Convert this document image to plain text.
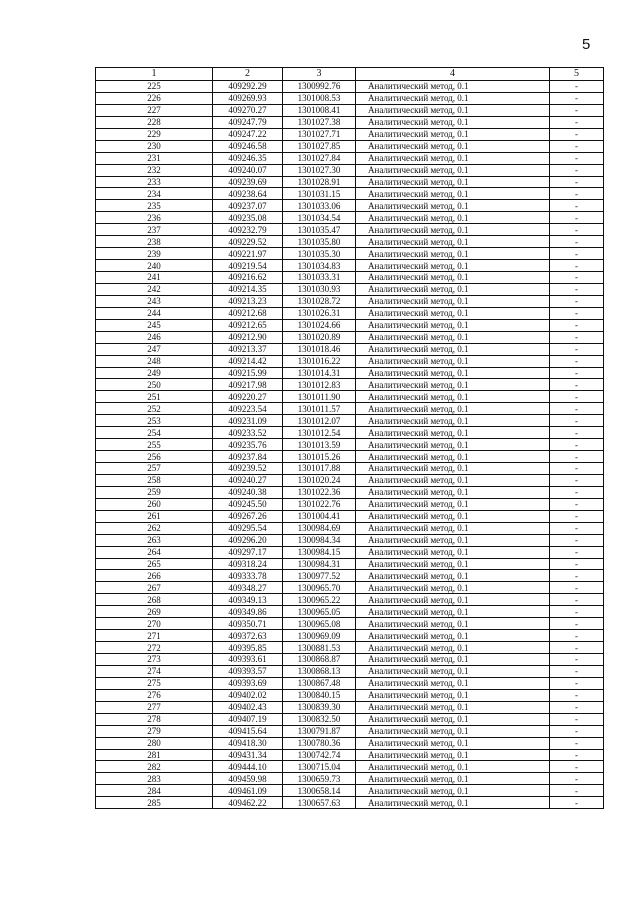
5
1	2	3	4	5
225	409292.29	1300992.76	Аналитический метод, 0.1	-
226	409269.93	1301008.53	Аналитический метод, 0.1	-
227	409270.27	1301008.41	Аналитический метод, 0.1	-
228	409247.79	1301027.38	Аналитический метод, 0.1	-
229	409247.22	1301027.71	Аналитический метод, 0.1	-
230	409246.58	1301027.85	Аналитический метод, 0.1	-
231	409246.35	1301027.84	Аналитический метод, 0.1	-
232	409240.07	1301027.30	Аналитический метод, 0.1	-
233	409239.69	1301028.91	Аналитический метод, 0.1	-
234	409238.64	1301031.15	Аналитический метод, 0.1	-
235	409237.07	1301033.06	Аналитический метод, 0.1	-
236	409235.08	1301034.54	Аналитический метод, 0.1	-
237	409232.79	1301035.47	Аналитический метод, 0.1	-
238	409229.52	1301035.80	Аналитический метод, 0.1	-
239	409221.97	1301035.30	Аналитический метод, 0.1	-
240	409219.54	1301034.83	Аналитический метод, 0.1	-
241	409216.62	1301033.31	Аналитический метод, 0.1	-
242	409214.35	1301030.93	Аналитический метод, 0.1	-
243	409213.23	1301028.72	Аналитический метод, 0.1	-
244	409212.68	1301026.31	Аналитический метод, 0.1	-
245	409212.65	1301024.66	Аналитический метод, 0.1	-
246	409212.90	1301020.89	Аналитический метод, 0.1	-
247	409213.37	1301018.46	Аналитический метод, 0.1	-
248	409214.42	1301016.22	Аналитический метод, 0.1	-
249	409215.99	1301014.31	Аналитический метод, 0.1	-
250	409217.98	1301012.83	Аналитический метод, 0.1	-
251	409220.27	1301011.90	Аналитический метод, 0.1	-
252	409223.54	1301011.57	Аналитический метод, 0.1	-
253	409231.09	1301012.07	Аналитический метод, 0.1	-
254	409233.52	1301012.54	Аналитический метод, 0.1	-
255	409235.76	1301013.59	Аналитический метод, 0.1	-
256	409237.84	1301015.26	Аналитический метод, 0.1	-
257	409239.52	1301017.88	Аналитический метод, 0.1	-
258	409240.27	1301020.24	Аналитический метод, 0.1	-
259	409240.38	1301022.36	Аналитический метод, 0.1	-
260	409245.50	1301022.76	Аналитический метод, 0.1	-
261	409267.26	1301004.41	Аналитический метод, 0.1	-
262	409295.54	1300984.69	Аналитический метод, 0.1	-
263	409296.20	1300984.34	Аналитический метод, 0.1	-
264	409297.17	1300984.15	Аналитический метод, 0.1	-
265	409318.24	1300984.31	Аналитический метод, 0.1	-
266	409333.78	1300977.52	Аналитический метод, 0.1	-
267	409348.27	1300965.70	Аналитический метод, 0.1	-
268	409349.13	1300965.22	Аналитический метод, 0.1	-
269	409349.86	1300965.05	Аналитический метод, 0.1	-
270	409350.71	1300965.08	Аналитический метод, 0.1	-
271	409372.63	1300969.09	Аналитический метод, 0.1	-
272	409395.85	1300881.53	Аналитический метод, 0.1	-
273	409393.61	1300868.87	Аналитический метод, 0.1	-
274	409393.57	1300868.13	Аналитический метод, 0.1	-
275	409393.69	1300867.48	Аналитический метод, 0.1	-
276	409402.02	1300840.15	Аналитический метод, 0.1	-
277	409402.43	1300839.30	Аналитический метод, 0.1	-
278	409407.19	1300832.50	Аналитический метод, 0.1	-
279	409415.64	1300791.87	Аналитический метод, 0.1	-
280	409418.30	1300780.36	Аналитический метод, 0.1	-
281	409431.34	1300742.74	Аналитический метод, 0.1	-
282	409444.10	1300715.04	Аналитический метод, 0.1	-
283	409459.98	1300659.73	Аналитический метод, 0.1	-
284	409461.09	1300658.14	Аналитический метод, 0.1	-
285	409462.22	1300657.63	Аналитический метод, 0.1	-
